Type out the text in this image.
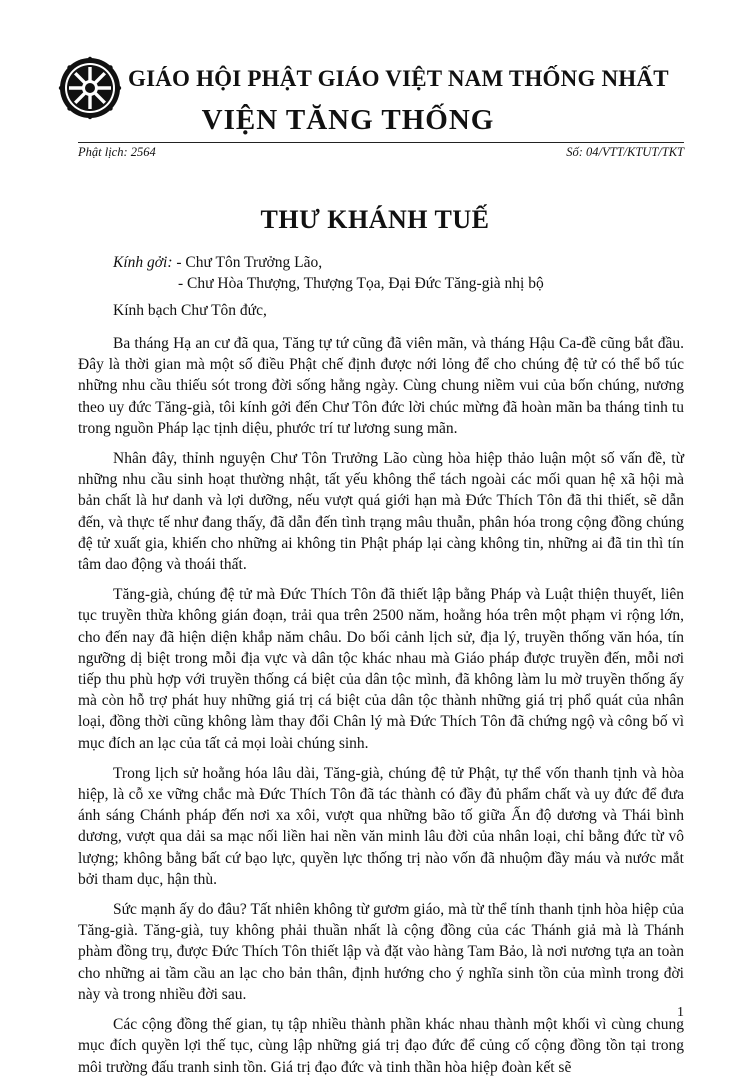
GIÁO HỘI PHẬT GIÁO VIỆT NAM THỐNG NHẤT
VIỆN TĂNG THỐNG
Phật lịch: 2564	Số: 04/VTT/KTUT/TKT
THƯ KHÁNH TUẾ
Kính gởi: - Chư Tôn Trưởng Lão,
- Chư Hòa Thượng, Thượng Tọa, Đại Đức Tăng-già nhị bộ
Kính bạch Chư Tôn đức,

Ba tháng Hạ an cư đã qua, Tăng tự tứ cũng đã viên mãn, và tháng Hậu Ca-đề cũng bắt đầu. Đây là thời gian mà một số điều Phật chế định được nới lỏng để cho chúng đệ tử có thể bổ túc những nhu cầu thiếu sót trong đời sống hằng ngày. Cùng chung niềm vui của bốn chúng, nương theo uy đức Tăng-già, tôi kính gởi đến Chư Tôn đức lời chúc mừng đã hoàn mãn ba tháng tinh tu trong nguồn Pháp lạc tịnh diệu, phước trí tư lương sung mãn.

Nhân đây, thỉnh nguyện Chư Tôn Trưởng Lão cùng hòa hiệp thảo luận một số vấn đề, từ những nhu cầu sinh hoạt thường nhật, tất yếu không thể tách ngoài các mối quan hệ xã hội mà bản chất là hư danh và lợi dưỡng, nếu vượt quá giới hạn mà Đức Thích Tôn đã thi thiết, sẽ dẫn đến, và thực tế như đang thấy, đã dẫn đến tình trạng mâu thuẫn, phân hóa trong cộng đồng chúng đệ tử xuất gia, khiến cho những ai không tin Phật pháp lại càng không tin, những ai đã tin thì tín tâm dao động và thoái thất.

Tăng-già, chúng đệ tử mà Đức Thích Tôn đã thiết lập bằng Pháp và Luật thiện thuyết, liên tục truyền thừa không gián đoạn, trải qua trên 2500 năm, hoằng hóa trên một phạm vi rộng lớn, cho đến nay đã hiện diện khắp năm châu. Do bối cảnh lịch sử, địa lý, truyền thống văn hóa, tín ngưỡng dị biệt trong mỗi địa vực và dân tộc khác nhau mà Giáo pháp được truyền đến, mỗi nơi tiếp thu phù hợp với truyền thống cá biệt của dân tộc mình, đã không làm lu mờ truyền thống ấy mà còn hỗ trợ phát huy những giá trị cá biệt của dân tộc thành những giá trị phổ quát của nhân loại, đồng thời cũng không làm thay đổi Chân lý mà Đức Thích Tôn đã chứng ngộ và công bố vì mục đích an lạc của tất cả mọi loài chúng sinh.

Trong lịch sử hoằng hóa lâu dài, Tăng-già, chúng đệ tử Phật, tự thể vốn thanh tịnh và hòa hiệp, là cỗ xe vững chắc mà Đức Thích Tôn đã tác thành có đầy đủ phẩm chất và uy đức để đưa ánh sáng Chánh pháp đến nơi xa xôi, vượt qua những bão tố giữa Ấn độ dương và Thái bình dương, vượt qua dải sa mạc nối liền hai nền văn minh lâu đời của nhân loại, chỉ bằng đức từ vô lượng; không bằng bất cứ bạo lực, quyền lực thống trị nào vốn đã nhuộm đầy máu và nước mắt bởi tham dục, hận thù.

Sức mạnh ấy do đâu? Tất nhiên không từ gươm giáo, mà từ thể tính thanh tịnh hòa hiệp của Tăng-già. Tăng-già, tuy không phải thuần nhất là cộng đồng của các Thánh giả mà là Thánh phàm đồng trụ, được Đức Thích Tôn thiết lập và đặt vào hàng Tam Bảo, là nơi nương tựa an toàn cho những ai tầm cầu an lạc cho bản thân, định hướng cho ý nghĩa sinh tồn của mình trong đời này và trong nhiều đời sau.

Các cộng đồng thế gian, tụ tập nhiều thành phần khác nhau thành một khối vì cùng chung mục đích quyền lợi thế tục, cùng lập những giá trị đạo đức để củng cố cộng đồng tồn tại trong môi trường đấu tranh sinh tồn. Giá trị đạo đức và tinh thần hòa hiệp đoàn kết sẽ

1
